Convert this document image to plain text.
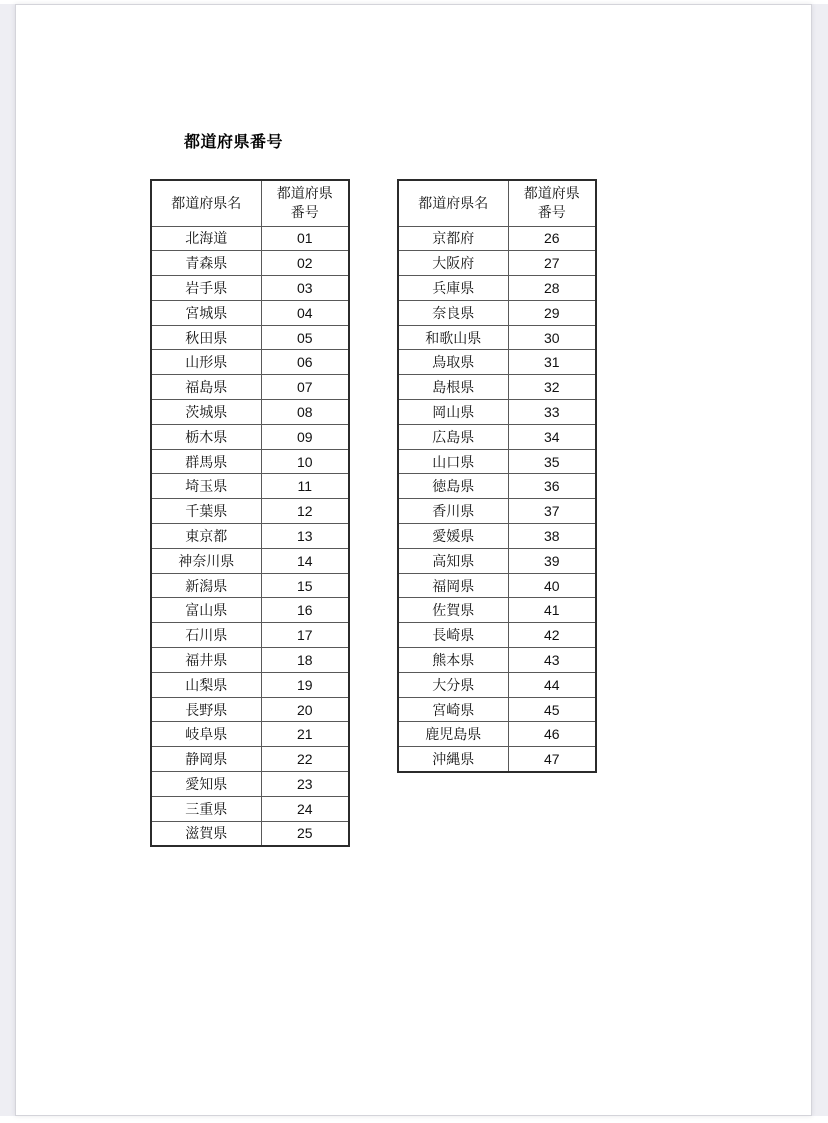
都道府県番号
都道府県名	都道府県
番号

北海道	01
青森県	02
岩手県	03
宮城県	04
秋田県	05
山形県	06
福島県	07
茨城県	08
栃木県	09
群馬県	10
埼玉県	11
千葉県	12
東京都	13
神奈川県	14
新潟県	15
富山県	16
石川県	17
福井県	18
山梨県	19
長野県	20
岐阜県	21
静岡県	22
愛知県	23
三重県	24
滋賀県	25
都道府県名	都道府県
番号

京都府	26
大阪府	27
兵庫県	28
奈良県	29
和歌山県	30
鳥取県	31
島根県	32
岡山県	33
広島県	34
山口県	35
徳島県	36
香川県	37
愛媛県	38
高知県	39
福岡県	40
佐賀県	41
長崎県	42
熊本県	43
大分県	44
宮崎県	45
鹿児島県	46
沖縄県	47
